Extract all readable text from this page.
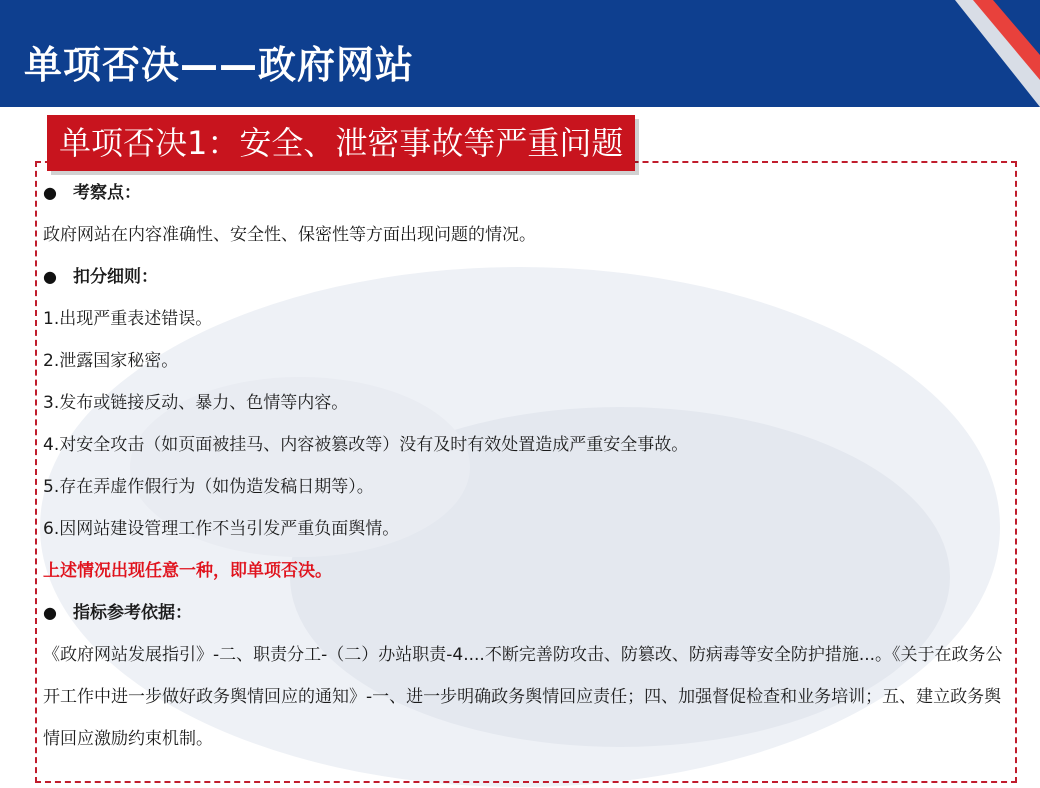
单项否决——政府网站
单项否决1：安全、泄密事故等严重问题
● 考察点：
政府网站在内容准确性、安全性、保密性等方面出现问题的情况。
● 扣分细则：
1.出现严重表述错误。
2.泄露国家秘密。
3.发布或链接反动、暴力、色情等内容。
4.对安全攻击（如页面被挂马、内容被篡改等）没有及时有效处置造成严重安全事故。
5.存在弄虚作假行为（如伪造发稿日期等）。
6.因网站建设管理工作不当引发严重负面舆情。
上述情况出现任意一种，即单项否决。
● 指标参考依据：
《政府网站发展指引》-二、职责分工-（二）办站职责-4....不断完善防攻击、防篡改、防病毒等安全防护措施...。《关于在政务公开工作中进一步做好政务舆情回应的通知》-一、进一步明确政务舆情回应责任；四、加强督促检查和业务培训；五、建立政务舆情回应激励约束机制。
